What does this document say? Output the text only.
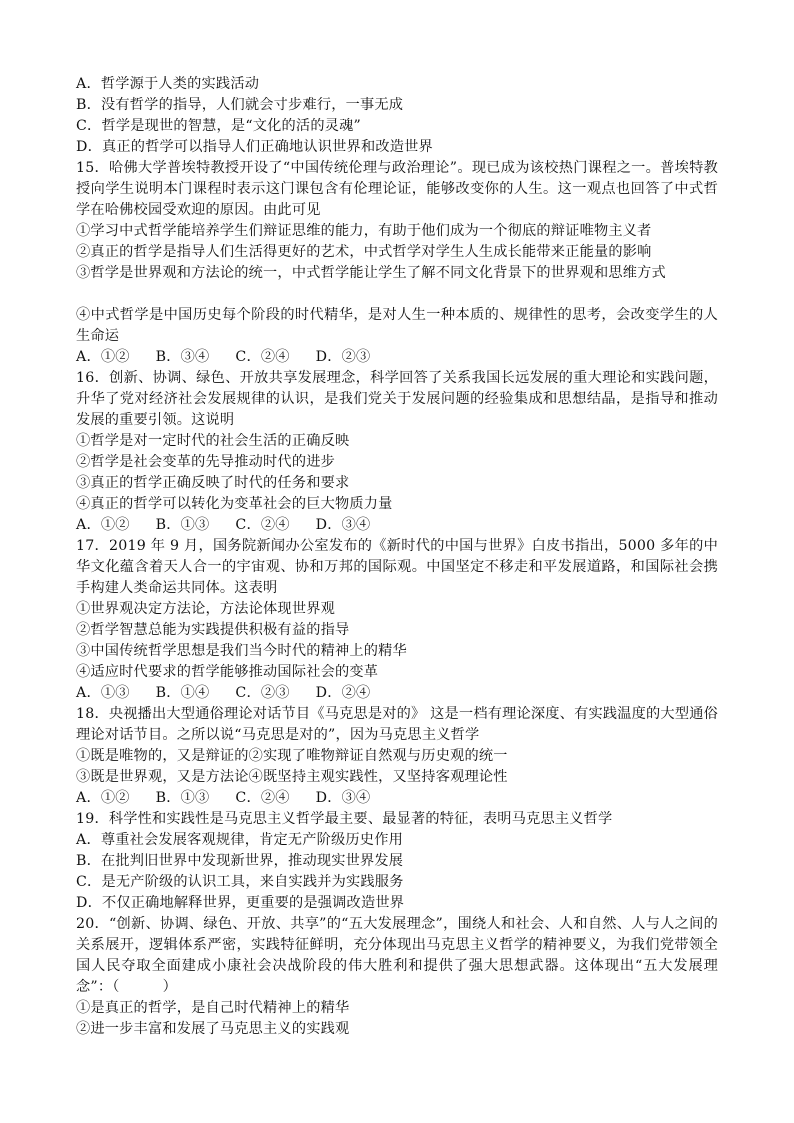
A．哲学源于人类的实践活动
B．没有哲学的指导，人们就会寸步难行，一事无成
C．哲学是现世的智慧，是“文化的活的灵魂”
D．真正的哲学可以指导人们正确地认识世界和改造世界
15．哈佛大学普埃特教授开设了“中国传统伦理与政治理论”。现已成为该校热门课程之一。普埃特教授向学生说明本门课程时表示这门课包含有伦理论证，能够改变你的人生。这一观点也回答了中式哲学在哈佛校园受欢迎的原因。由此可见
①学习中式哲学能培养学生们辩证思维的能力，有助于他们成为一个彻底的辩证唯物主义者
②真正的哲学是指导人们生活得更好的艺术，中式哲学对学生人生成长能带来正能量的影响
③哲学是世界观和方法论的统一，中式哲学能让学生了解不同文化背景下的世界观和思维方式
④中式哲学是中国历史每个阶段的时代精华，是对人生一种本质的、规律性的思考，会改变学生的人生命运
A．①② B．③④ C．②④ D．②③
16．创新、协调、绿色、开放共享发展理念，科学回答了关系我国长远发展的重大理论和实践问题，升华了党对经济社会发展规律的认识，是我们党关于发展问题的经验集成和思想结晶，是指导和推动发展的重要引领。这说明
①哲学是对一定时代的社会生活的正确反映
②哲学是社会变革的先导推动时代的进步
③真正的哲学正确反映了时代的任务和要求
④真正的哲学可以转化为变革社会的巨大物质力量
A．①② B．①③ C．②④ D．③④
17．2019 年 9 月，国务院新闻办公室发布的《新时代的中国与世界》白皮书指出，5000 多年的中华文化蕴含着天人合一的宇宙观、协和万邦的国际观。中国坚定不移走和平发展道路，和国际社会携手构建人类命运共同体。这表明
①世界观决定方法论，方法论体现世界观
②哲学智慧总能为实践提供积极有益的指导
③中国传统哲学思想是我们当今时代的精神上的精华
④适应时代要求的哲学能够推动国际社会的变革
A．①③ B．①④ C．②③ D．②④
18．央视播出大型通俗理论对话节目《马克思是对的》 这是一档有理论深度、有实践温度的大型通俗理论对话节目。之所以说“马克思是对的”，因为马克思主义哲学
①既是唯物的，又是辩证的②实现了唯物辩证自然观与历史观的统一
③既是世界观，又是方法论④既坚持主观实践性，又坚持客观理论性
A．①② B．①③ C．②④ D．③④
19．科学性和实践性是马克思主义哲学最主要、最显著的特征，表明马克思主义哲学
A．尊重社会发展客观规律，肯定无产阶级历史作用
B．在批判旧世界中发现新世界，推动现实世界发展
C．是无产阶级的认识工具，来自实践并为实践服务
D．不仅正确地解释世界，更重要的是强调改造世界
20．“创新、协调、绿色、开放、共享”的“五大发展理念”，围绕人和社会、人和自然、人与人之间的关系展开，逻辑体系严密，实践特征鲜明，充分体现出马克思主义哲学的精神要义，为我们党带领全国人民夺取全面建成小康社会决战阶段的伟大胜利和提供了强大思想武器。这体现出“五大发展理念”：（　　　）
①是真正的哲学，是自己时代精神上的精华
②进一步丰富和发展了马克思主义的实践观
